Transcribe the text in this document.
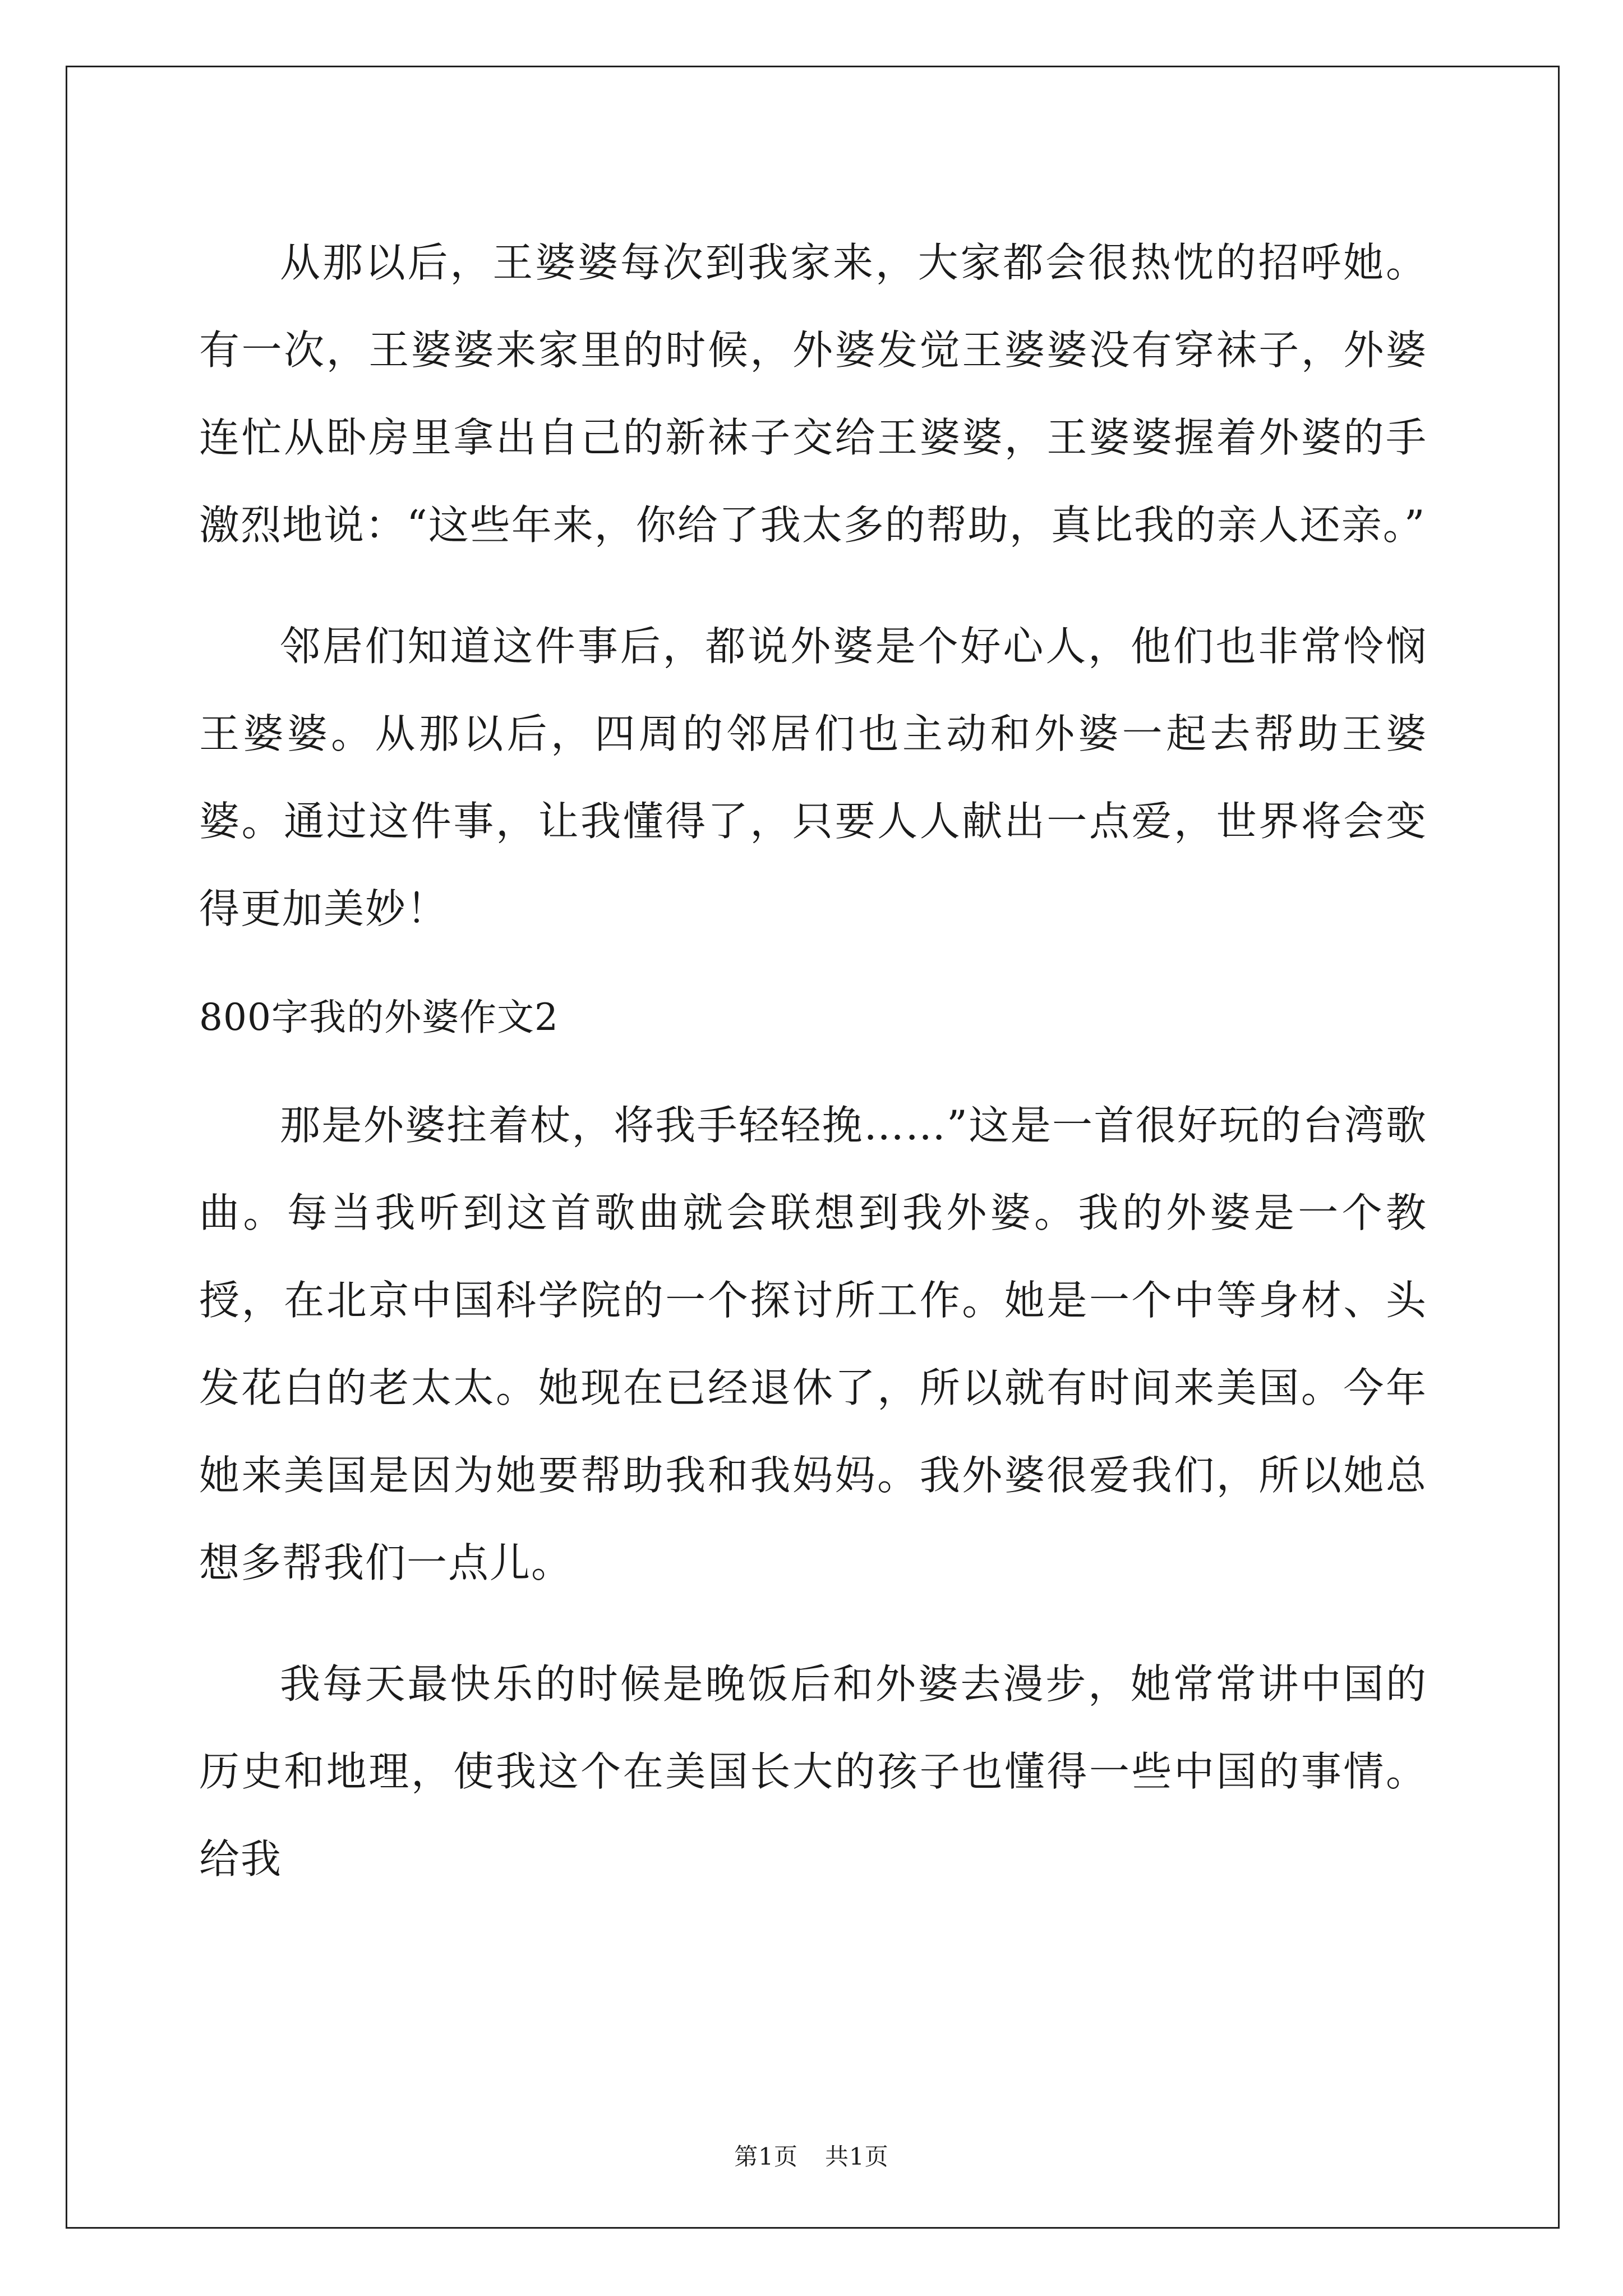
从那以后，王婆婆每次到我家来，大家都会很热忱的招呼她。有一次，王婆婆来家里的时候，外婆发觉王婆婆没有穿袜子，外婆连忙从卧房里拿出自己的新袜子交给王婆婆，王婆婆握着外婆的手激烈地说：“这些年来，你给了我太多的帮助，真比我的亲人还亲。”

邻居们知道这件事后，都说外婆是个好心人，他们也非常怜悯王婆婆。从那以后，四周的邻居们也主动和外婆一起去帮助王婆婆。通过这件事，让我懂得了，只要人人献出一点爱，世界将会变得更加美妙！

800字我的外婆作文2

那是外婆拄着杖，将我手轻轻挽……”这是一首很好玩的台湾歌曲。每当我听到这首歌曲就会联想到我外婆。我的外婆是一个教授，在北京中国科学院的一个探讨所工作。她是一个中等身材、头发花白的老太太。她现在已经退休了，所以就有时间来美国。今年她来美国是因为她要帮助我和我妈妈。我外婆很爱我们，所以她总想多帮我们一点儿。

我每天最快乐的时候是晚饭后和外婆去漫步，她常常讲中国的历史和地理，使我这个在美国长大的孩子也懂得一些中国的事情。给我

第1页 共1页
